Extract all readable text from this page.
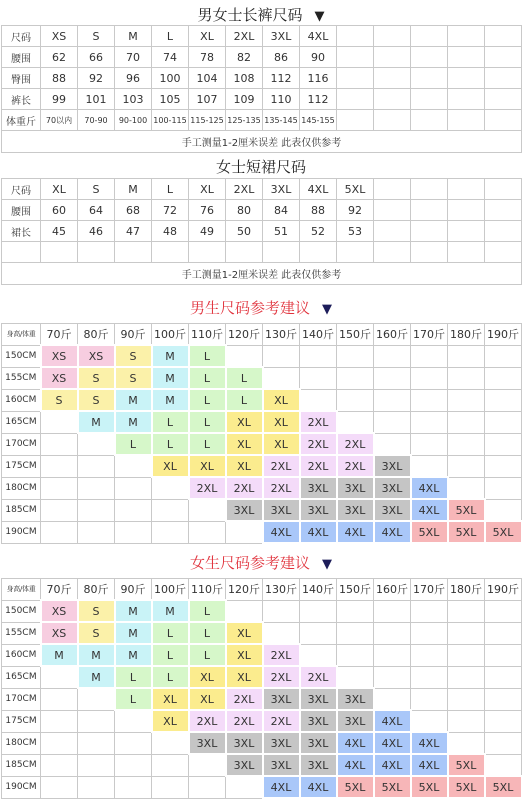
男女士长裤尺码 ▼
尺码	XS	S	M	L	XL	2XL	3XL	4XL					
腰围	62	66	70	74	78	82	86	90					
臀围	88	92	96	100	104	108	112	116					
裤长	99	101	103	105	107	109	110	112					
体重斤	70以内	70-90	90-100	100-115	115-125	125-135	135-145	145-155					
手工测量1-2厘米误差 此表仅供参考													
女士短裙尺码
尺码	XL	S	M	L	XL	2XL	3XL	4XL	5XL				
腰围	60	64	68	72	76	80	84	88	92				
裙长	45	46	47	48	49	50	51	52	53				

手工测量1-2厘米误差 此表仅供参考													
男生尺码参考建议 ▼
身高/体重	70斤	80斤	90斤	100斤	110斤	120斤	130斤	140斤	150斤	160斤	170斤	180斤	190斤
150CM	XS	XS	S	M	L								
155CM	XS	S	S	M	L	L							
160CM	S	S	M	M	L	L	XL						
165CM		M	M	L	L	XL	XL	2XL					
170CM			L	L	L	XL	XL	2XL	2XL				
175CM				XL	XL	XL	2XL	2XL	2XL	3XL			
180CM					2XL	2XL	2XL	3XL	3XL	3XL	4XL		
185CM						3XL	3XL	3XL	3XL	3XL	4XL	5XL	
190CM							4XL	4XL	4XL	4XL	5XL	5XL	5XL
女生尺码参考建议 ▼
身高/体重	70斤	80斤	90斤	100斤	110斤	120斤	130斤	140斤	150斤	160斤	170斤	180斤	190斤
150CM	XS	S	M	M	L								
155CM	XS	S	M	L	L	XL							
160CM	M	M	M	L	L	XL	2XL						
165CM		M	L	L	XL	XL	2XL	2XL					
170CM			L	XL	XL	2XL	3XL	3XL	3XL				
175CM				XL	2XL	2XL	2XL	3XL	3XL	4XL			
180CM					3XL	3XL	3XL	3XL	4XL	4XL	4XL		
185CM						3XL	3XL	3XL	4XL	4XL	4XL	5XL	
190CM							4XL	4XL	5XL	5XL	5XL	5XL	5XL
